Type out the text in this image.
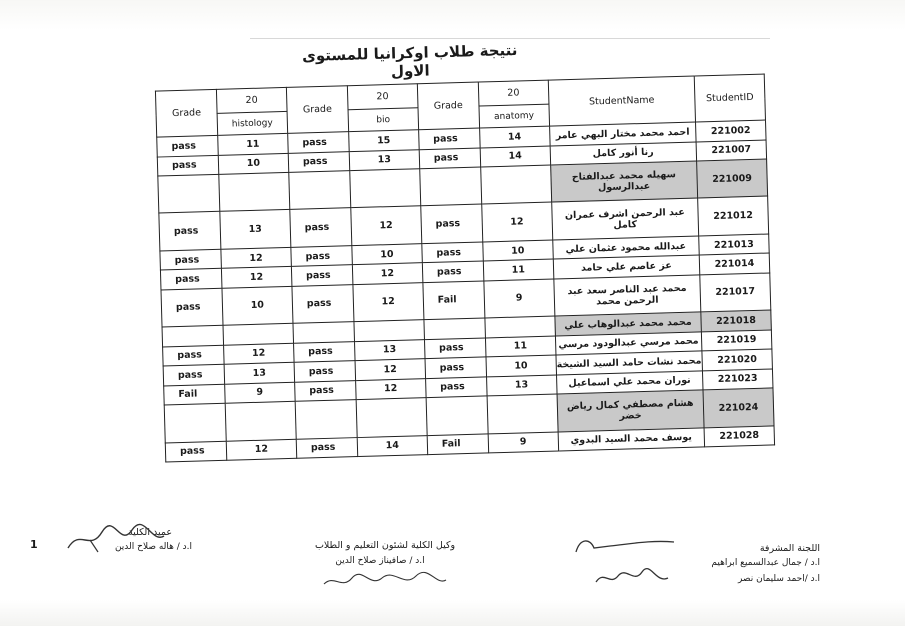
نتيجة طلاب اوكرانيا للمستوى الاول
Grade	20	Grade	20	Grade	20	StudentName	StudentID
	histology		bio		anatomy		
pass	11	pass	15	pass	14	احمد محمد مختار البهي عامر	221002
pass	10	pass	13	pass	14	رنا أنور كامل	221007
						سهيله محمد عبدالفتاح عبدالرسول	221009
pass	13	pass	12	pass	12	عبد الرحمن اشرف عمران كامل	221012
pass	12	pass	10	pass	10	عبدالله محمود عثمان علي	221013
pass	12	pass	12	pass	11	عز عاصم علي حامد	221014
pass	10	pass	12	Fail	9	محمد عبد الناصر سعد عبد الرحمن محمد	221017
						محمد محمد عبدالوهاب علي	221018
pass	12	pass	13	pass	11	محمد مرسي عبدالودود مرسي	221019
pass	13	pass	12	pass	10	محمد نشات حامد السيد الشيخة	221020
Fail	9	pass	12	pass	13	نوران محمد علي اسماعيل	221023
						هشام مصطفي كمال رياض خضر	221024
pass	12	pass	14	Fail	9	يوسف محمد السيد البدوي	221028
عميد الكلية
ا.د / هاله صلاح الدين
1	وكيل الكلية لشئون التعليم و الطلاب
ا.د / صافيناز صلاح الدين
اللجنة المشرفة
ا.د / جمال عبدالسميع ابراهيم
ا.د /احمد سليمان نصر
